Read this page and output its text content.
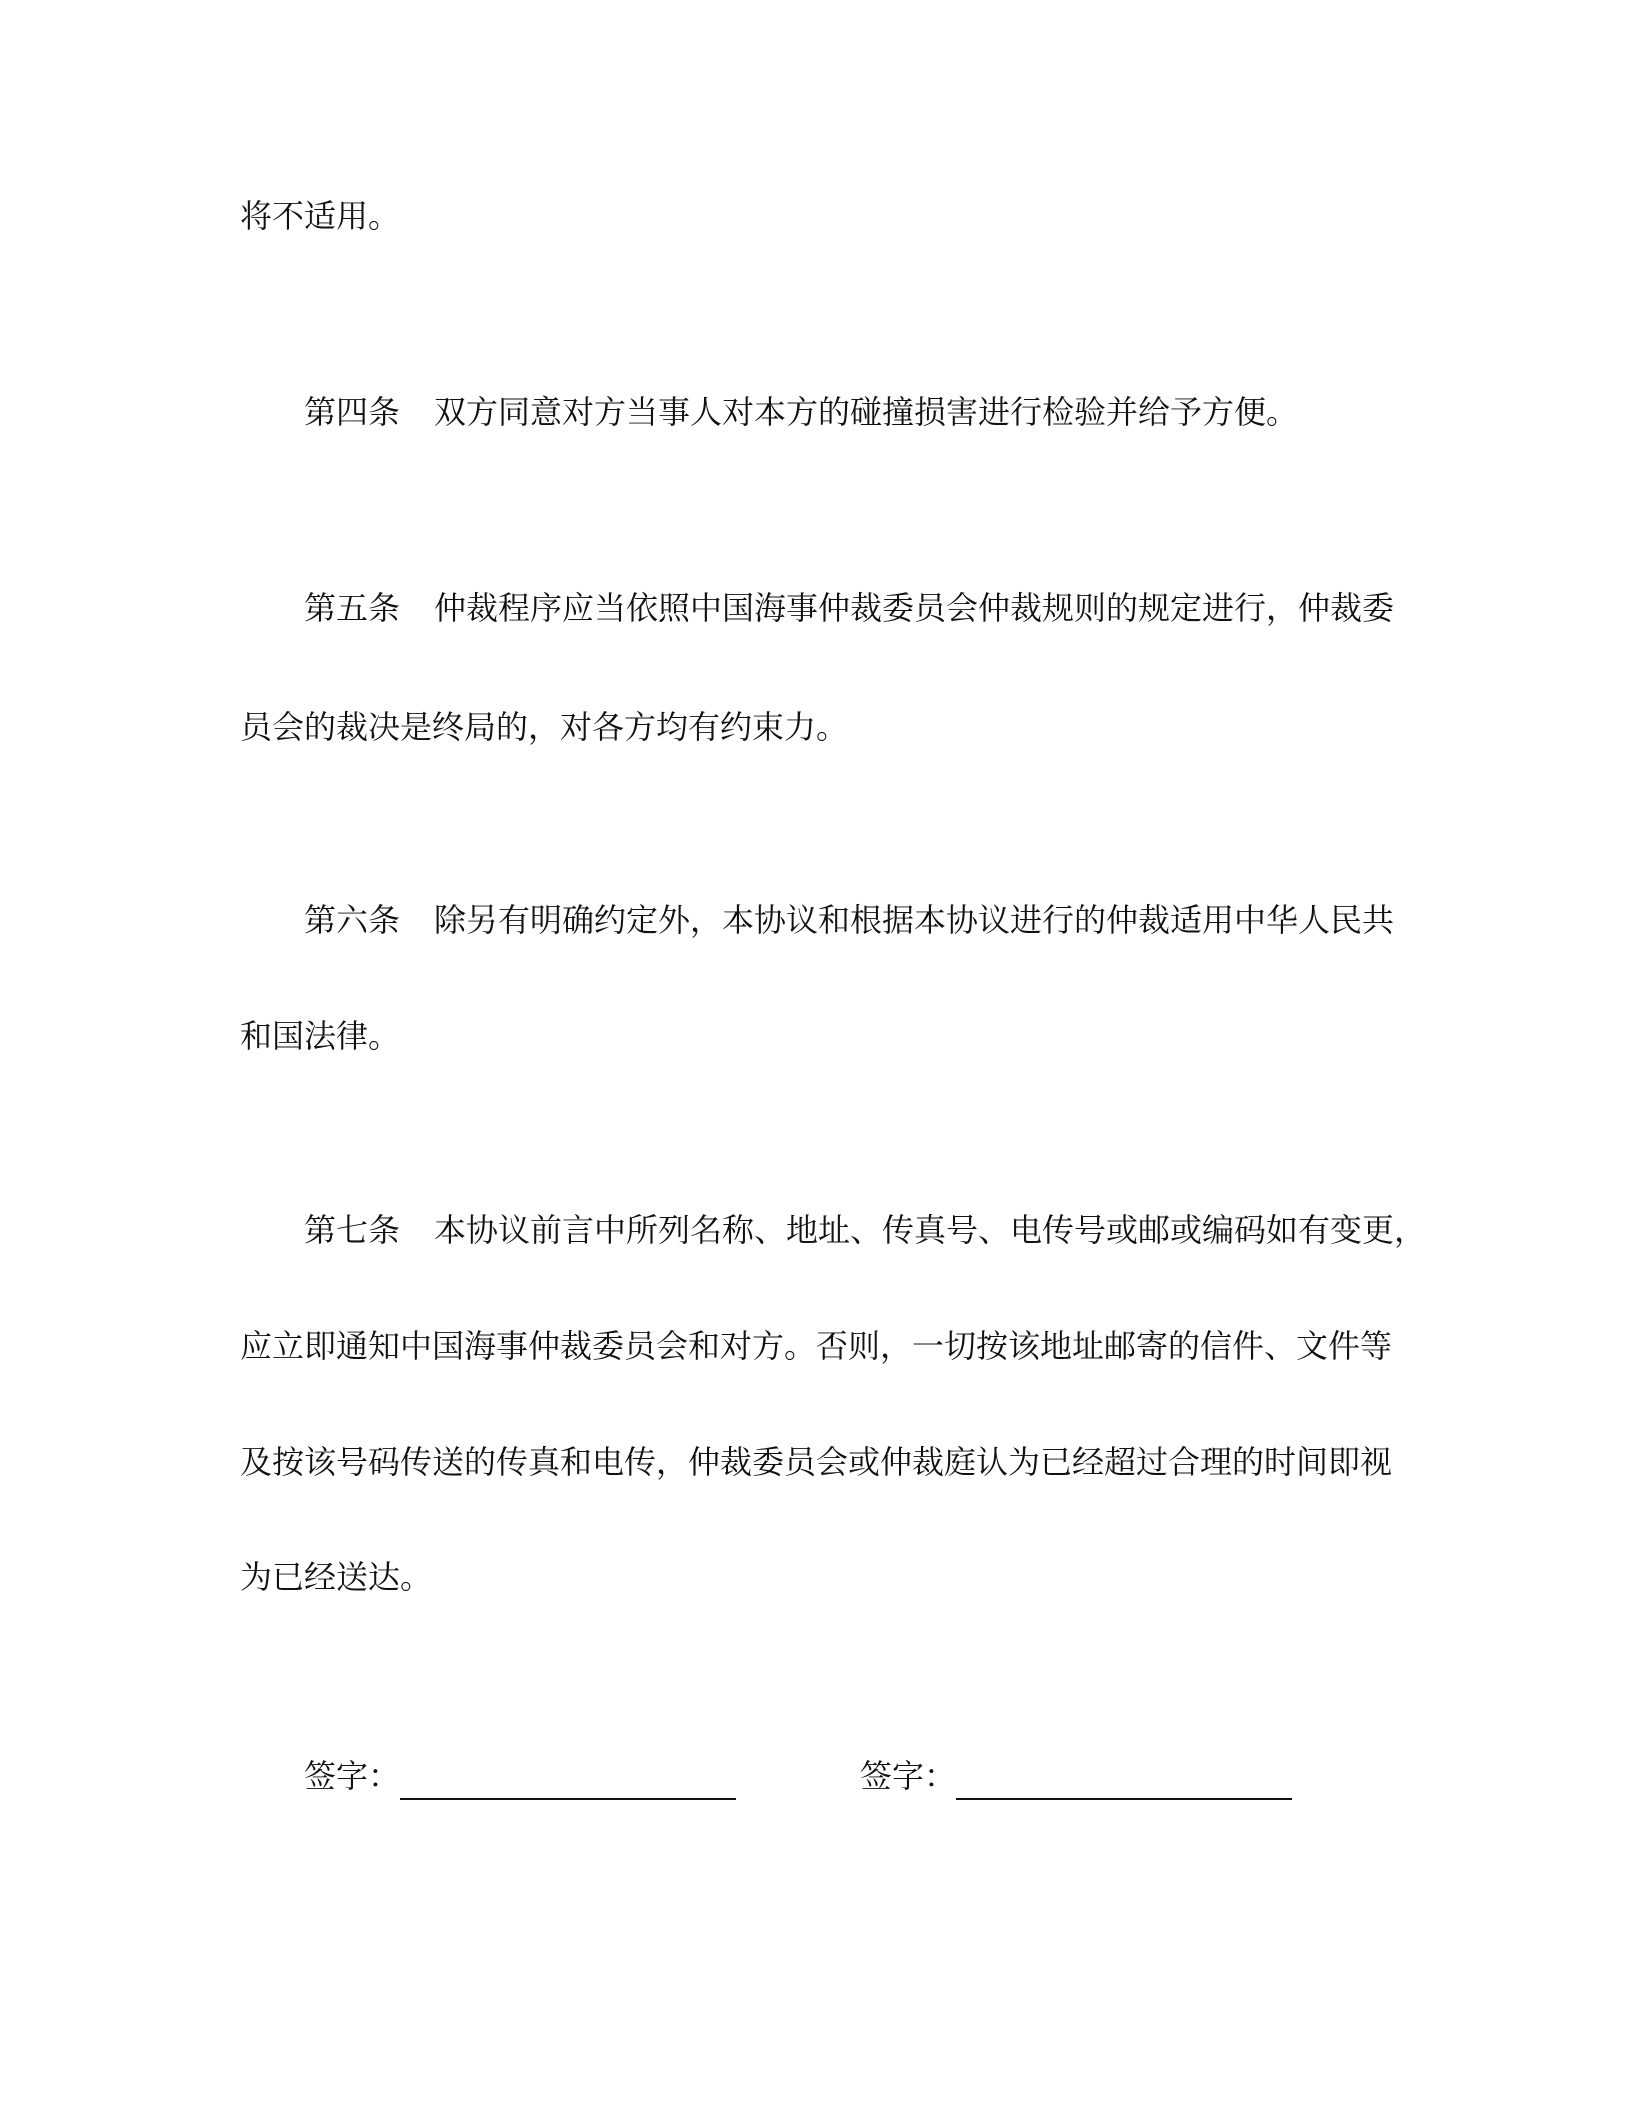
将不适用。
第四条 双方同意对方当事人对本方的碰撞损害进行检验并给予方便。
第五条 仲裁程序应当依照中国海事仲裁委员会仲裁规则的规定进行，仲裁委
员会的裁决是终局的，对各方均有约束力。
第六条 除另有明确约定外，本协议和根据本协议进行的仲裁适用中华人民共
和国法律。
第七条 本协议前言中所列名称、地址、传真号、电传号或邮或编码如有变更，
应立即通知中国海事仲裁委员会和对方。否则，一切按该地址邮寄的信件、文件等
及按该号码传送的传真和电传，仲裁委员会或仲裁庭认为已经超过合理的时间即视
为已经送达。
签字：	签字：
